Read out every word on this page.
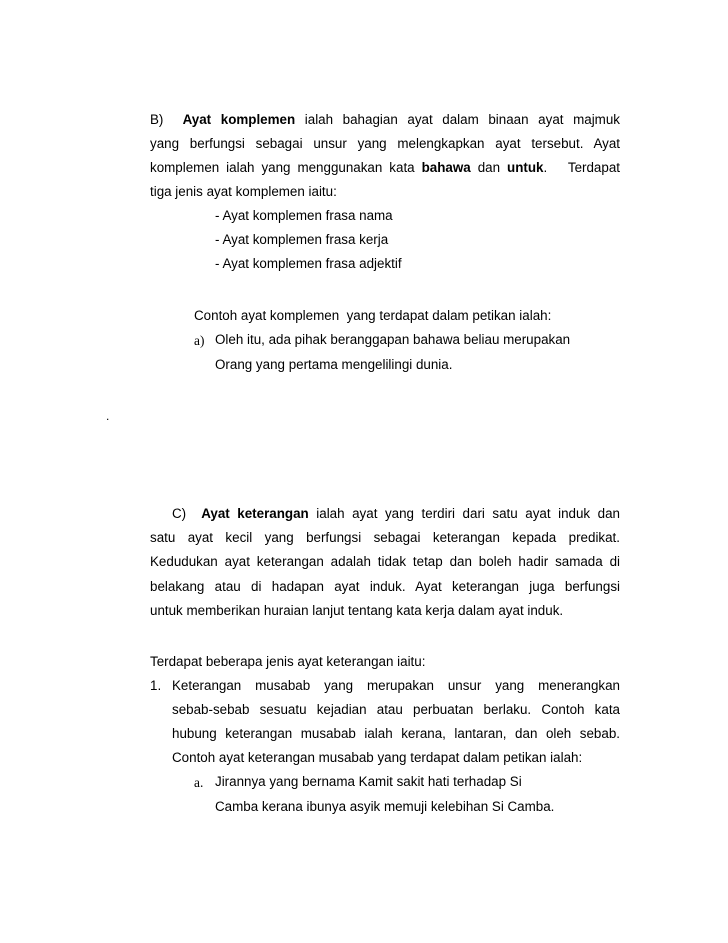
B) Ayat komplemen ialah bahagian ayat dalam binaan ayat majmuk
yang berfungsi sebagai unsur yang melengkapkan ayat tersebut. Ayat
komplemen ialah yang menggunakan kata bahawa dan untuk.   Terdapat
tiga jenis ayat komplemen iaitu:
- Ayat komplemen frasa nama
- Ayat komplemen frasa kerja
- Ayat komplemen frasa adjektif
Contoh ayat komplemen  yang terdapat dalam petikan ialah:
a) Oleh itu, ada pihak beranggapan bahawa beliau merupakan
Orang yang pertama mengelilingi dunia.
.
C) Ayat keterangan ialah ayat yang terdiri dari satu ayat induk dan
satu ayat kecil yang berfungsi sebagai keterangan kepada predikat.
Kedudukan ayat keterangan adalah tidak tetap dan boleh hadir samada di
belakang atau di hadapan ayat induk. Ayat keterangan juga berfungsi
untuk memberikan huraian lanjut tentang kata kerja dalam ayat induk.
Terdapat beberapa jenis ayat keterangan iaitu:
1. Keterangan musabab yang merupakan unsur yang menerangkan
sebab-sebab sesuatu kejadian atau perbuatan berlaku. Contoh kata
hubung keterangan musabab ialah kerana, lantaran, dan oleh sebab.
Contoh ayat keterangan musabab yang terdapat dalam petikan ialah:
a. Jirannya yang bernama Kamit sakit hati terhadap Si
Camba kerana ibunya asyik memuji kelebihan Si Camba.
